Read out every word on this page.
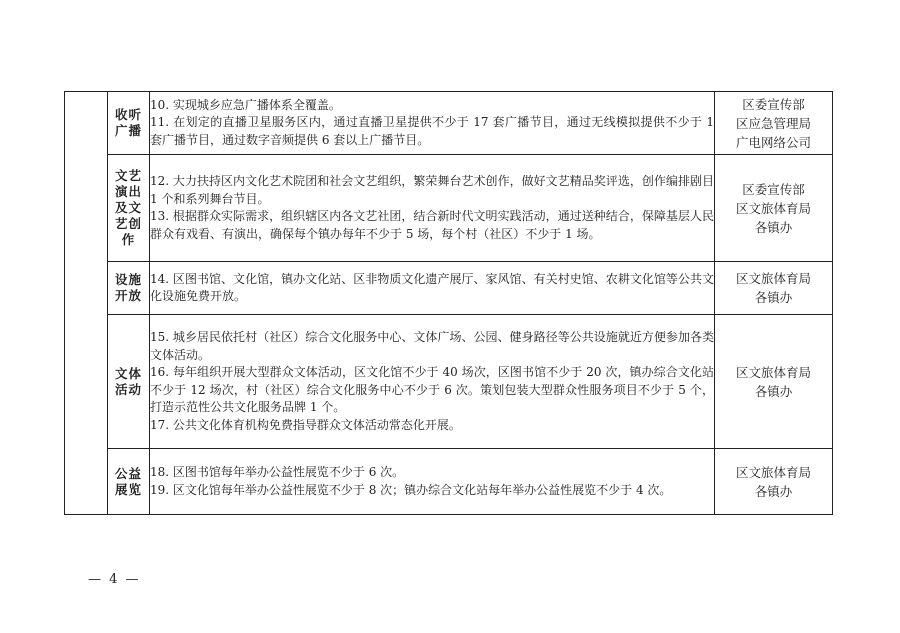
	收听广播	10. 实现城乡应急广播体系全覆盖。
11. 在划定的直播卫星服务区内，通过直播卫星提供不少于 17 套广播节目，通过无线模拟提供不少于 1 套广播节目，通过数字音频提供 6 套以上广播节目。	区委宣传部
区应急管理局
广电网络公司

	文艺演出及文艺创作	12. 大力扶持区内文化艺术院团和社会文艺组织，繁荣舞台艺术创作，做好文艺精品奖评选，创作编排剧目 1 个和系列舞台节目。
13. 根据群众实际需求，组织辖区内各文艺社团，结合新时代文明实践活动，通过送种结合，保障基层人民群众有戏看、有演出，确保每个镇办每年不少于 5 场，每个村（社区）不少于 1 场。	区委宣传部
区文旅体育局
各镇办

	设施开放	14. 区图书馆、文化馆，镇办文化站、区非物质文化遗产展厅、家风馆、有关村史馆、农耕文化馆等公共文化设施免费开放。	区文旅体育局
各镇办

	文体活动	15. 城乡居民依托村（社区）综合文化服务中心、文体广场、公园、健身路径等公共设施就近方便参加各类文体活动。
16. 每年组织开展大型群众文体活动，区文化馆不少于 40 场次，区图书馆不少于 20 次，镇办综合文化站不少于 12 场次，村（社区）综合文化服务中心不少于 6 次。策划包装大型群众性服务项目不少于 5 个，打造示范性公共文化服务品牌 1 个。
17. 公共文化体育机构免费指导群众文体活动常态化开展。	区文旅体育局
各镇办

	公益展览	18. 区图书馆每年举办公益性展览不少于 6 次。
19. 区文化馆每年举办公益性展览不少于 8 次；镇办综合文化站每年举办公益性展览不少于 4 次。	区文旅体育局
各镇办
— 4 —
